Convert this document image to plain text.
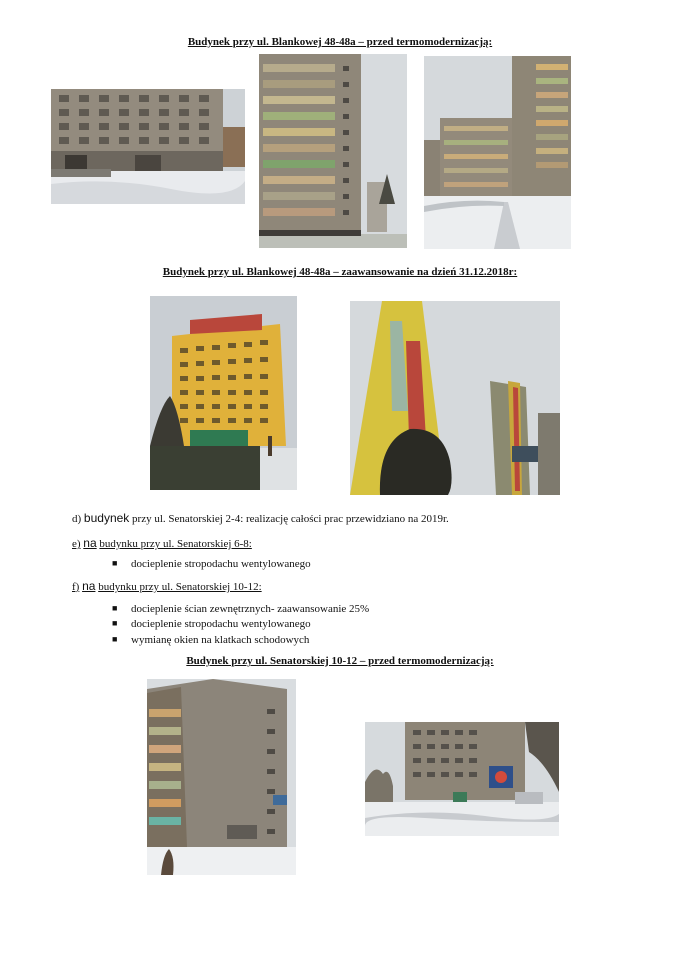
Budynek przy ul. Blankowej 48-48a – przed termomodernizacją:
Budynek przy ul. Blankowej 48-48a – zaawansowanie na dzień 31.12.2018r:
d) budynek przy ul. Senatorskiej 2-4: realizację całości prac przewidziano na 2019r.
e) na budynku przy ul. Senatorskiej 6-8:
■ docieplenie stropodachu wentylowanego
f) na budynku przy ul. Senatorskiej 10-12:
■ docieplenie ścian zewnętrznych- zaawansowanie 25%
■ docieplenie stropodachu wentylowanego
■ wymianę okien na klatkach schodowych
Budynek przy ul. Senatorskiej 10-12 – przed termomodernizacją:
